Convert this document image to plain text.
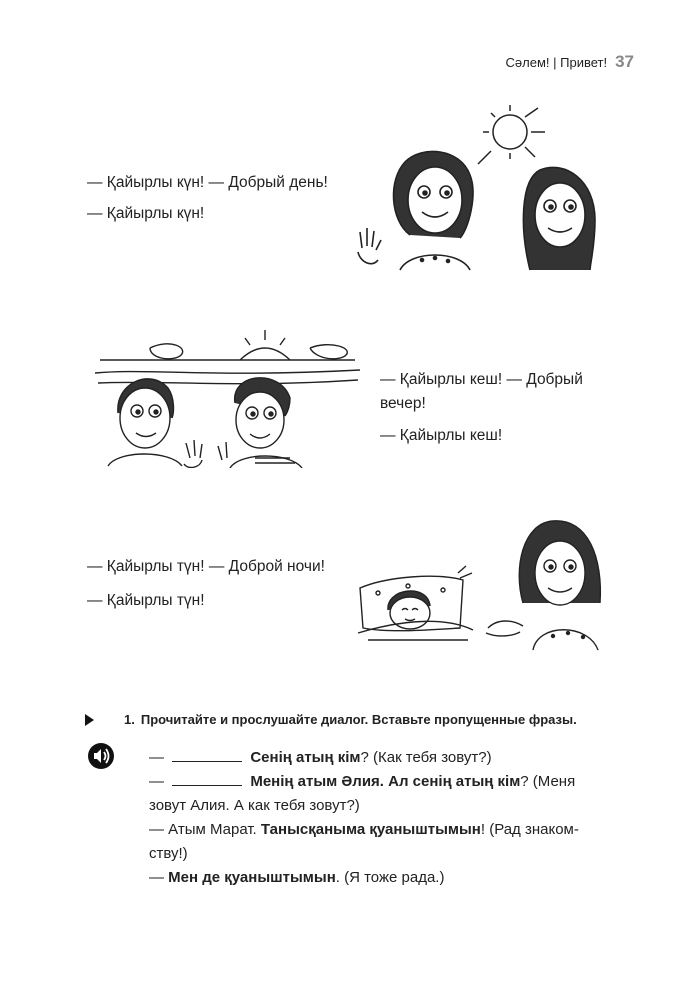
Сәлем! | Привет! 37
— Қайырлы күн! — Добрый день!
— Қайырлы күн!
— Қайырлы кеш! — Добрый
вечер!
— Қайырлы кеш!
— Қайырлы түн! — Доброй ночи!
— Қайырлы түн!
1. Прочитайте и прослушайте диалог. Вставьте пропущенные фразы.

—	Сенің атың кім? (Как тебя зовут?)

—	Менің атым Әлия. Ал сенің атың кім? (Меня

зовут Алия. А как тебя зовут?)

— Атым Марат. Танысқаныма қуаныштымын! (Рад знаком-

ству!)

— Мен де қуаныштымын. (Я тоже рада.)
